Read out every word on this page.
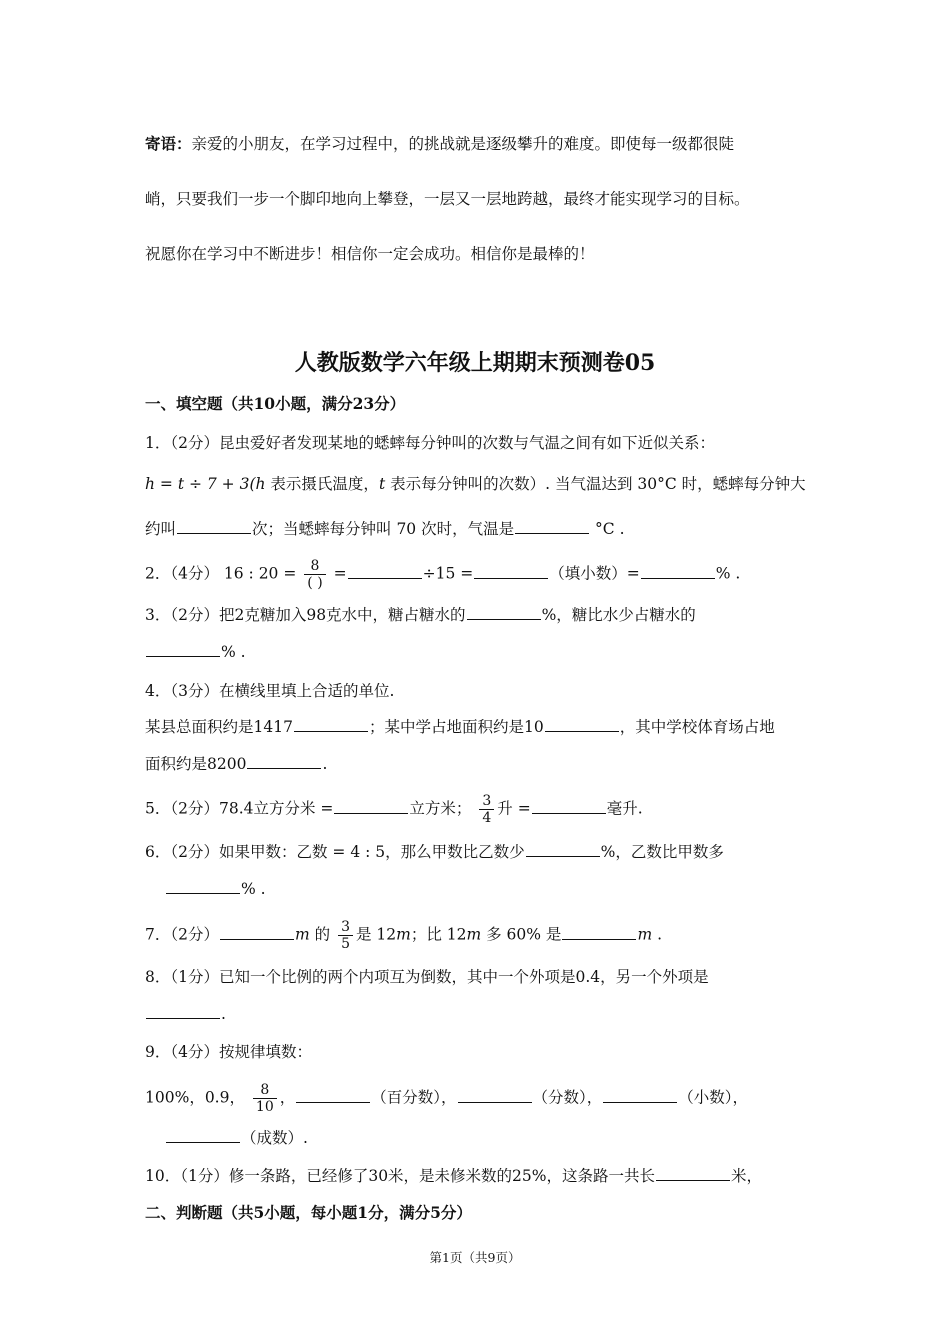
寄语：亲爱的小朋友，在学习过程中，的挑战就是逐级攀升的难度。即使每一级都很陡
峭，只要我们一步一个脚印地向上攀登，一层又一层地跨越，最终才能实现学习的目标。
祝愿你在学习中不断进步！相信你一定会成功。相信你是最棒的！
人教版数学六年级上期期末预测卷05
一、填空题（共10小题，满分23分）
1．（2分）昆虫爱好者发现某地的蟋蟀每分钟叫的次数与气温之间有如下近似关系：
h = t ÷ 7 + 3(h 表示摄氏温度，t 表示每分钟叫的次数）. 当气温达到 30°C 时，蟋蟀每分钟大
约叫	次；当蟋蟀每分钟叫 70 次时，气温是	°C .
2．（4分） 16 : $20 = \frac{8}{( )}$ =	÷15 =	（填小数）=	% .
3．（2分）把2克糖加入98克水中，糖占糖水的	%，糖比水少占糖水的
% .
4．（3分）在横线里填上合适的单位.
某县总面积约是1417	；某中学占地面积约是10	，其中学校体育场占地
面积约是8200	.
5．（2分）78.4立方分米 =	立方米； $\frac{3}{4}$ 升 =	毫升.
6．（2分）如果甲数：乙数 = 4 : 5，那么甲数比乙数少	%，乙数比甲数多
% .
7．（2分）	m 的 $\frac{3}{5}$ 是 12m；比 12m 多 60% 是	m .
8．（1分）已知一个比例的两个内项互为倒数，其中一个外项是0.4，另一个外项是
.
9．（4分）按规律填数：
100%，0.9， $\frac{8}{10}$ ，	（百分数），	（分数），	（小数），
（成数）.
10．（1分）修一条路，已经修了30米，是未修米数的25%，这条路一共长	米，
二、判断题（共5小题，每小题1分，满分5分）
第1页（共9页）
